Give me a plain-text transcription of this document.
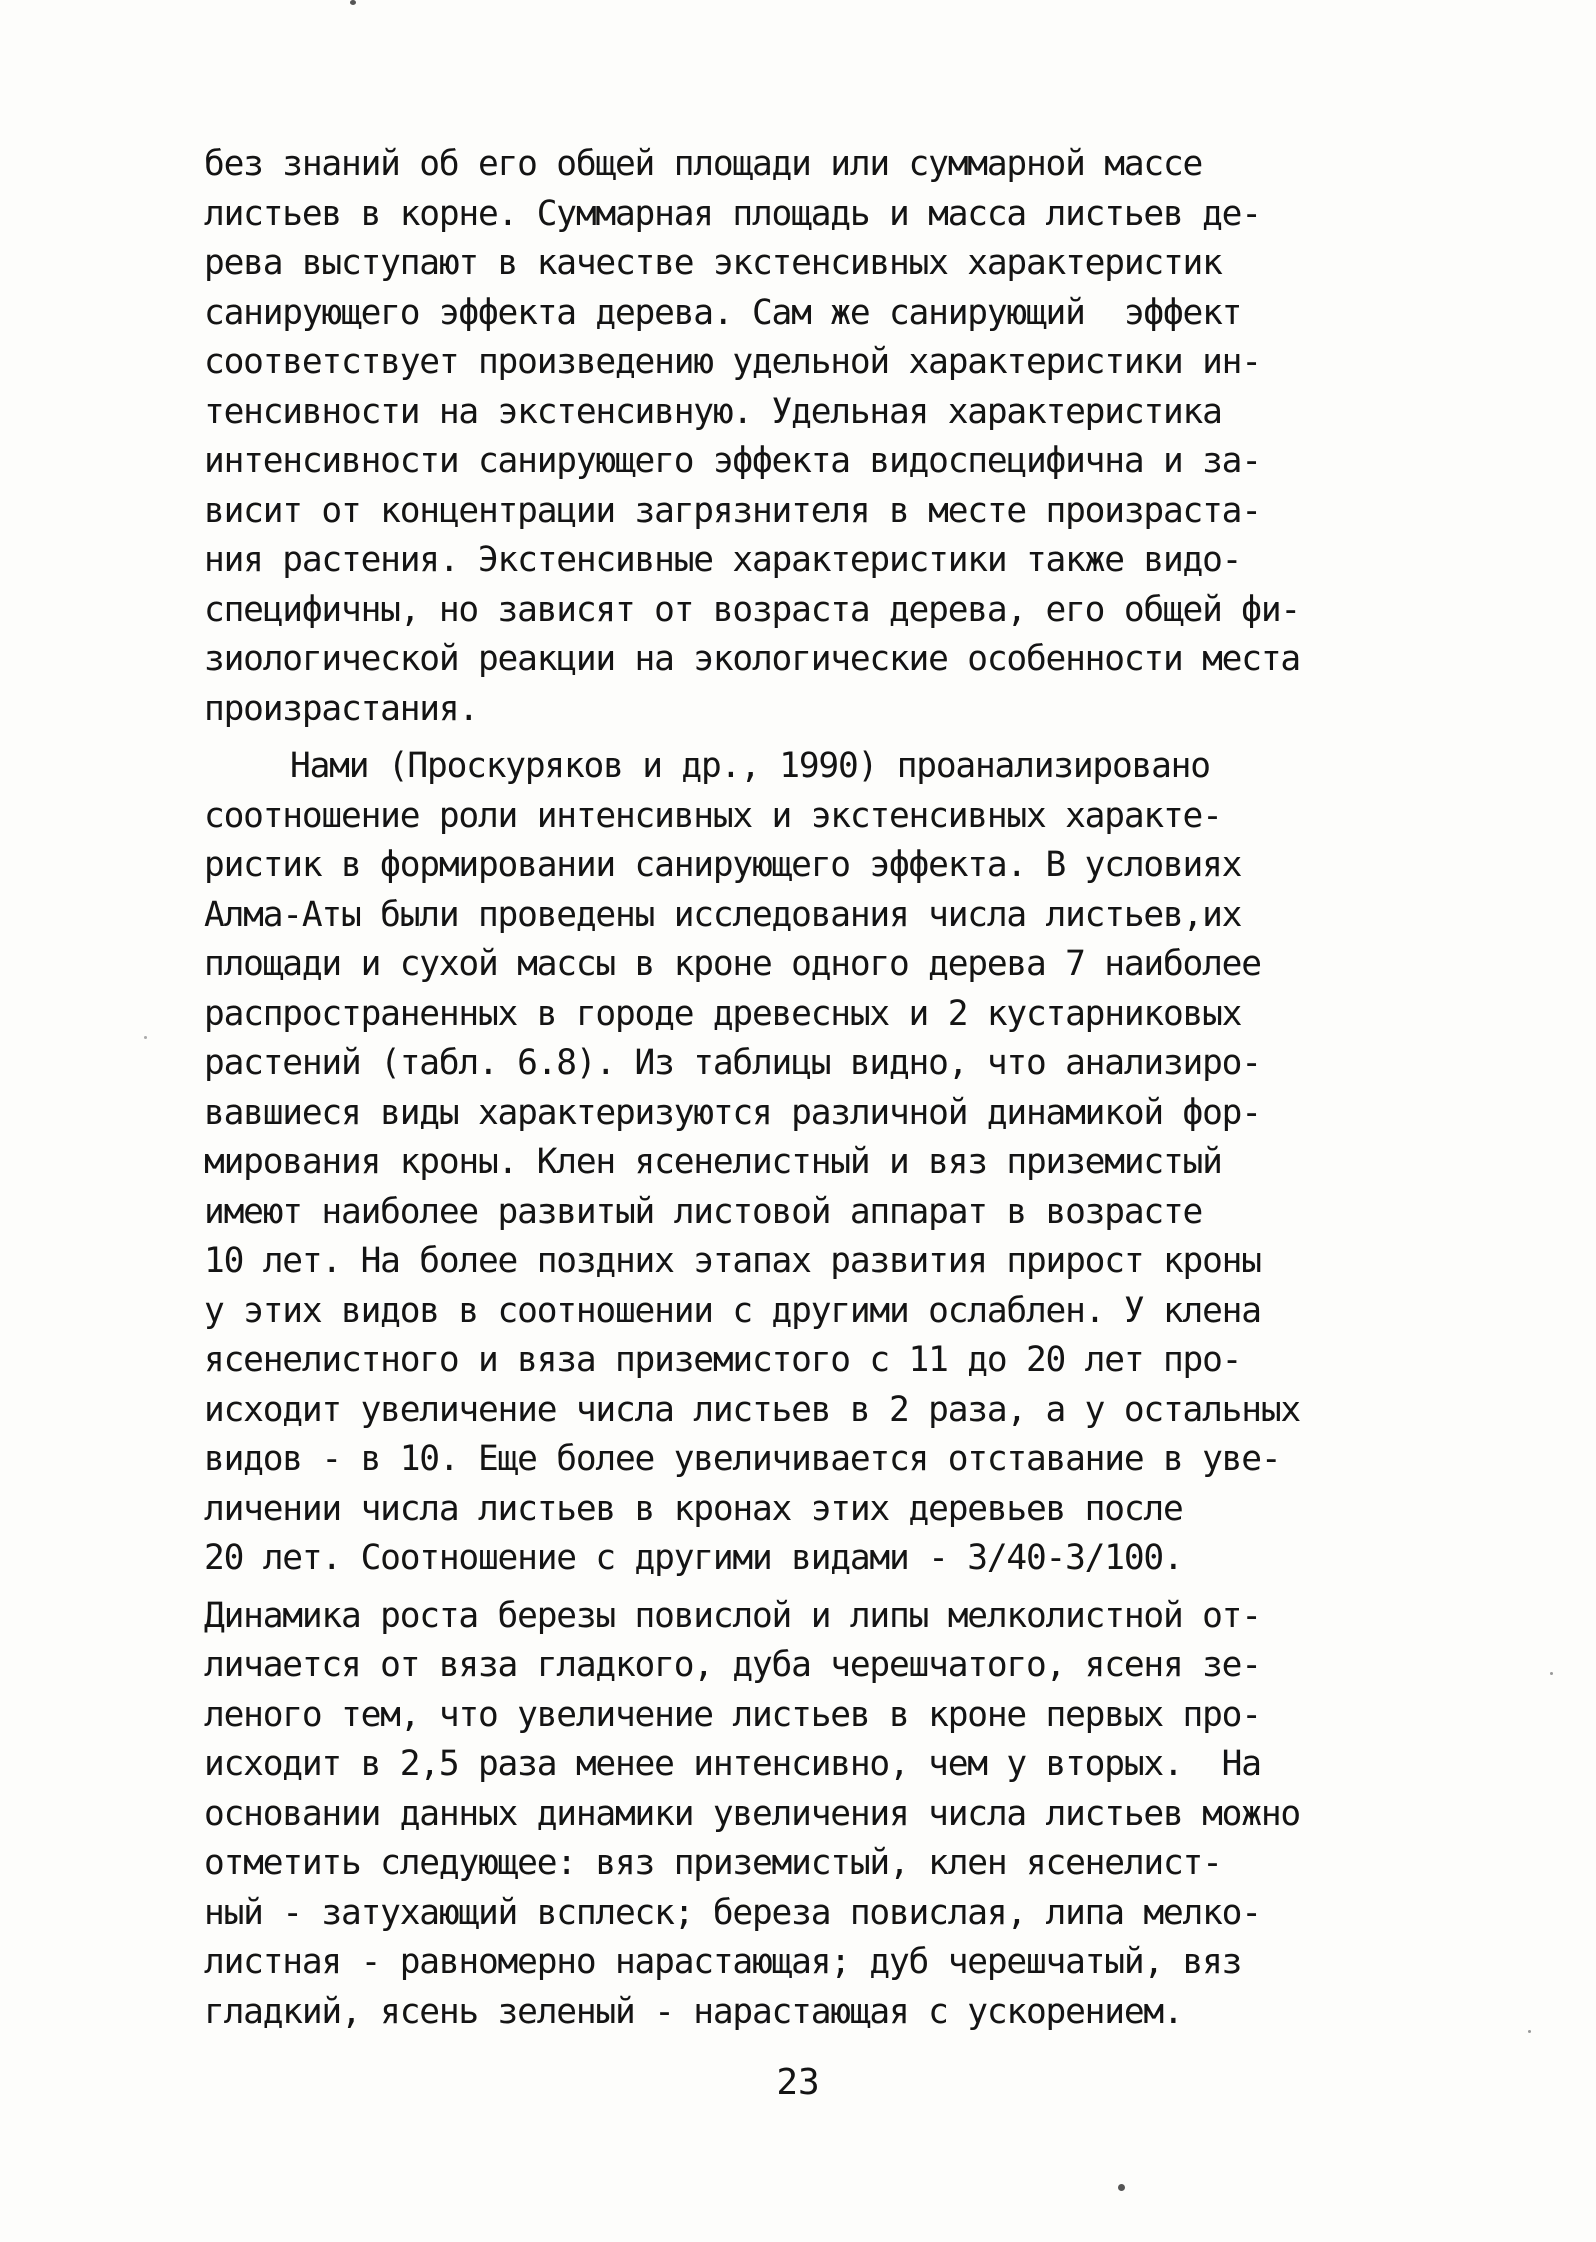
без знаний об его общей площади или суммарной массе
листьев в корне. Суммарная площадь и масса листьев де-
рева выступают в качестве экстенсивных характеристик
санирующего эффекта дерева. Сам же санирующий  эффект
соответствует произведению удельной характеристики ин-
тенсивности на экстенсивную. Удельная характеристика
интенсивности санирующего эффекта видоспецифична и за-
висит от концентрации загрязнителя в месте произраста-
ния растения. Экстенсивные характеристики также видо-
специфичны, но зависят от возраста дерева, его общей фи-
зиологической реакции на экологические особенности места
произрастания.
Нами (Проскуряков и др., 1990) проанализировано
соотношение роли интенсивных и экстенсивных характе-
ристик в формировании санирующего эффекта. В условиях
Алма-Аты были проведены исследования числа листьев,их
площади и сухой массы в кроне одного дерева 7 наиболее
распространенных в городе древесных и 2 кустарниковых
растений (табл. 6.8). Из таблицы видно, что анализиро-
вавшиеся виды характеризуются различной динамикой фор-
мирования кроны. Клен ясенелистный и вяз приземистый
имеют наиболее развитый листовой аппарат в возрасте
10 лет. На более поздних этапах развития прирост кроны
у этих видов в соотношении с другими ослаблен. У клена
ясенелистного и вяза приземистого с 11 до 20 лет про-
исходит увеличение числа листьев в 2 раза, а у остальных
видов - в 10. Еще более увеличивается отставание в уве-
личении числа листьев в кронах этих деревьев после
20 лет. Соотношение с другими видами - 3/40-3/100.
Динамика роста березы повислой и липы мелколистной от-
личается от вяза гладкого, дуба черешчатого, ясеня зе-
леного тем, что увеличение листьев в кроне первых про-
исходит в 2,5 раза менее интенсивно, чем у вторых.  На
основании данных динамики увеличения числа листьев можно
отметить следующее: вяз приземистый, клен ясенелист-
ный - затухающий всплеск; береза повислая, липа мелко-
листная - равномерно нарастающая; дуб черешчатый, вяз
гладкий, ясень зеленый - нарастающая с ускорением.
23
